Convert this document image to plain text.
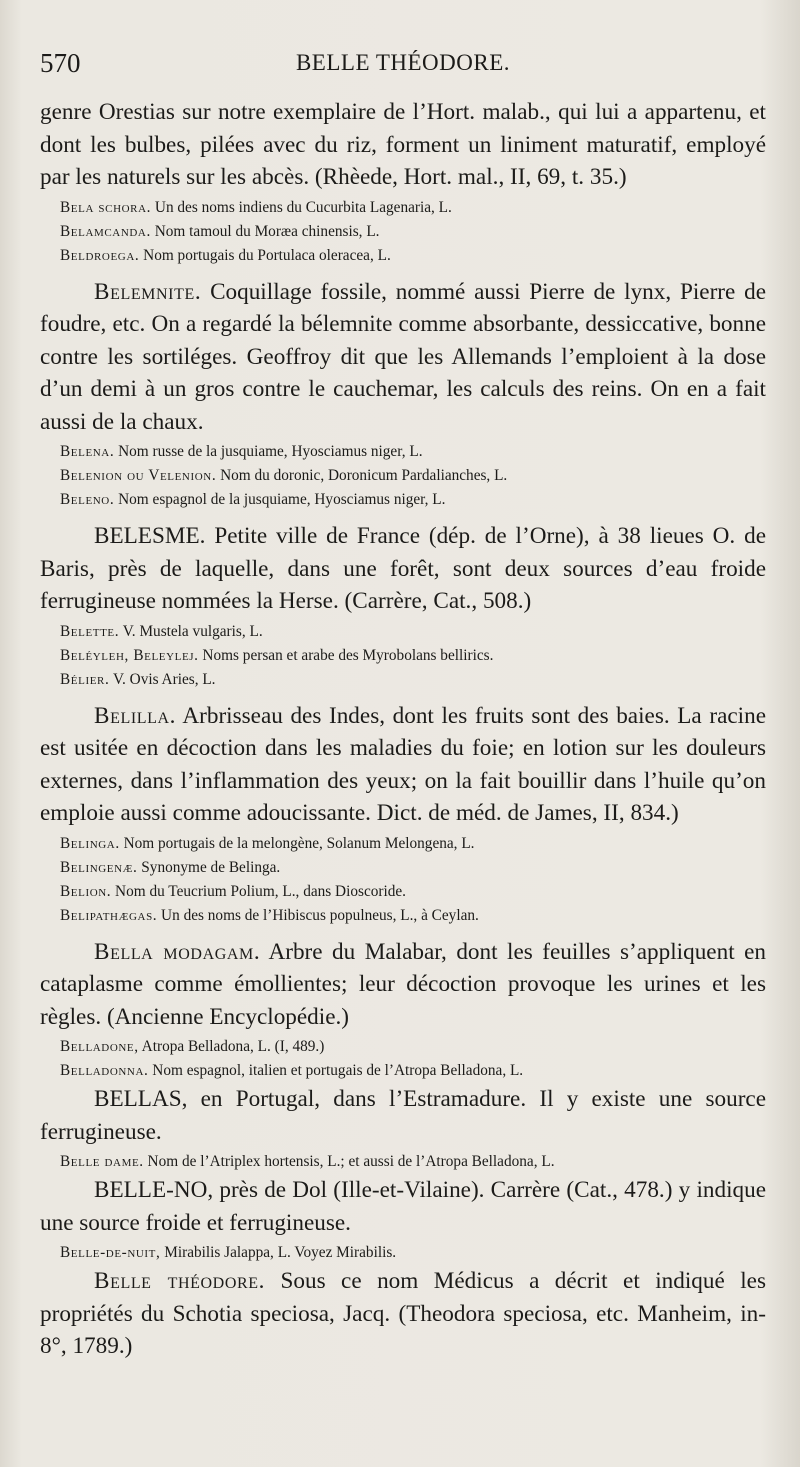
570	BELLE THÉODORE.

genre Orestias sur notre exemplaire de l’Hort. malab., qui lui a appartenu, et dont les bulbes, pilées avec du riz, forment un liniment maturatif, employé par les naturels sur les abcès. (Rhèede, Hort. mal., II, 69, t. 35.)

Bela schora. Un des noms indiens du Cucurbita Lagenaria, L.

Belamcanda. Nom tamoul du Moræa chinensis, L.

Beldroega. Nom portugais du Portulaca oleracea, L.

Belemnite. Coquillage fossile, nommé aussi Pierre de lynx, Pierre de foudre, etc. On a regardé la bélemnite comme absorbante, dessiccative, bonne contre les sortiléges. Geoffroy dit que les Allemands l’emploient à la dose d’un demi à un gros contre le cauchemar, les calculs des reins. On en a fait aussi de la chaux.

Belena. Nom russe de la jusquiame, Hyosciamus niger, L.

Belenion ou Velenion. Nom du doronic, Doronicum Pardalianches, L.

Beleno. Nom espagnol de la jusquiame, Hyosciamus niger, L.

BELESME. Petite ville de France (dép. de l’Orne), à 38 lieues O. de Baris, près de laquelle, dans une forêt, sont deux sources d’eau froide ferrugineuse nommées la Herse. (Carrère, Cat., 508.)

Belette. V. Mustela vulgaris, L.

Beléyleh, Beleylej. Noms persan et arabe des Myrobolans bellirics.

Bélier. V. Ovis Aries, L.

Belilla. Arbrisseau des Indes, dont les fruits sont des baies. La racine est usitée en décoction dans les maladies du foie; en lotion sur les douleurs externes, dans l’inflammation des yeux; on la fait bouillir dans l’huile qu’on emploie aussi comme adoucissante. Dict. de méd. de James, II, 834.)

Belinga. Nom portugais de la melongène, Solanum Melongena, L.

Belingenæ. Synonyme de Belinga.

Belion. Nom du Teucrium Polium, L., dans Dioscoride.

Belipathægas. Un des noms de l’Hibiscus populneus, L., à Ceylan.

Bella modagam. Arbre du Malabar, dont les feuilles s’appliquent en cataplasme comme émollientes; leur décoction provoque les urines et les règles. (Ancienne Encyclopédie.)

Belladone, Atropa Belladona, L. (I, 489.)

Belladonna. Nom espagnol, italien et portugais de l’Atropa Belladona, L.

BELLAS, en Portugal, dans l’Estramadure. Il y existe une source ferrugineuse.

Belle dame. Nom de l’Atriplex hortensis, L.; et aussi de l’Atropa Belladona, L.

BELLE-NO, près de Dol (Ille-et-Vilaine). Carrère (Cat., 478.) y indique une source froide et ferrugineuse.

Belle-de-nuit, Mirabilis Jalappa, L. Voyez Mirabilis.

Belle théodore. Sous ce nom Médicus a décrit et indiqué les propriétés du Schotia speciosa, Jacq. (Theodora speciosa, etc. Manheim, in-8°, 1789.)
